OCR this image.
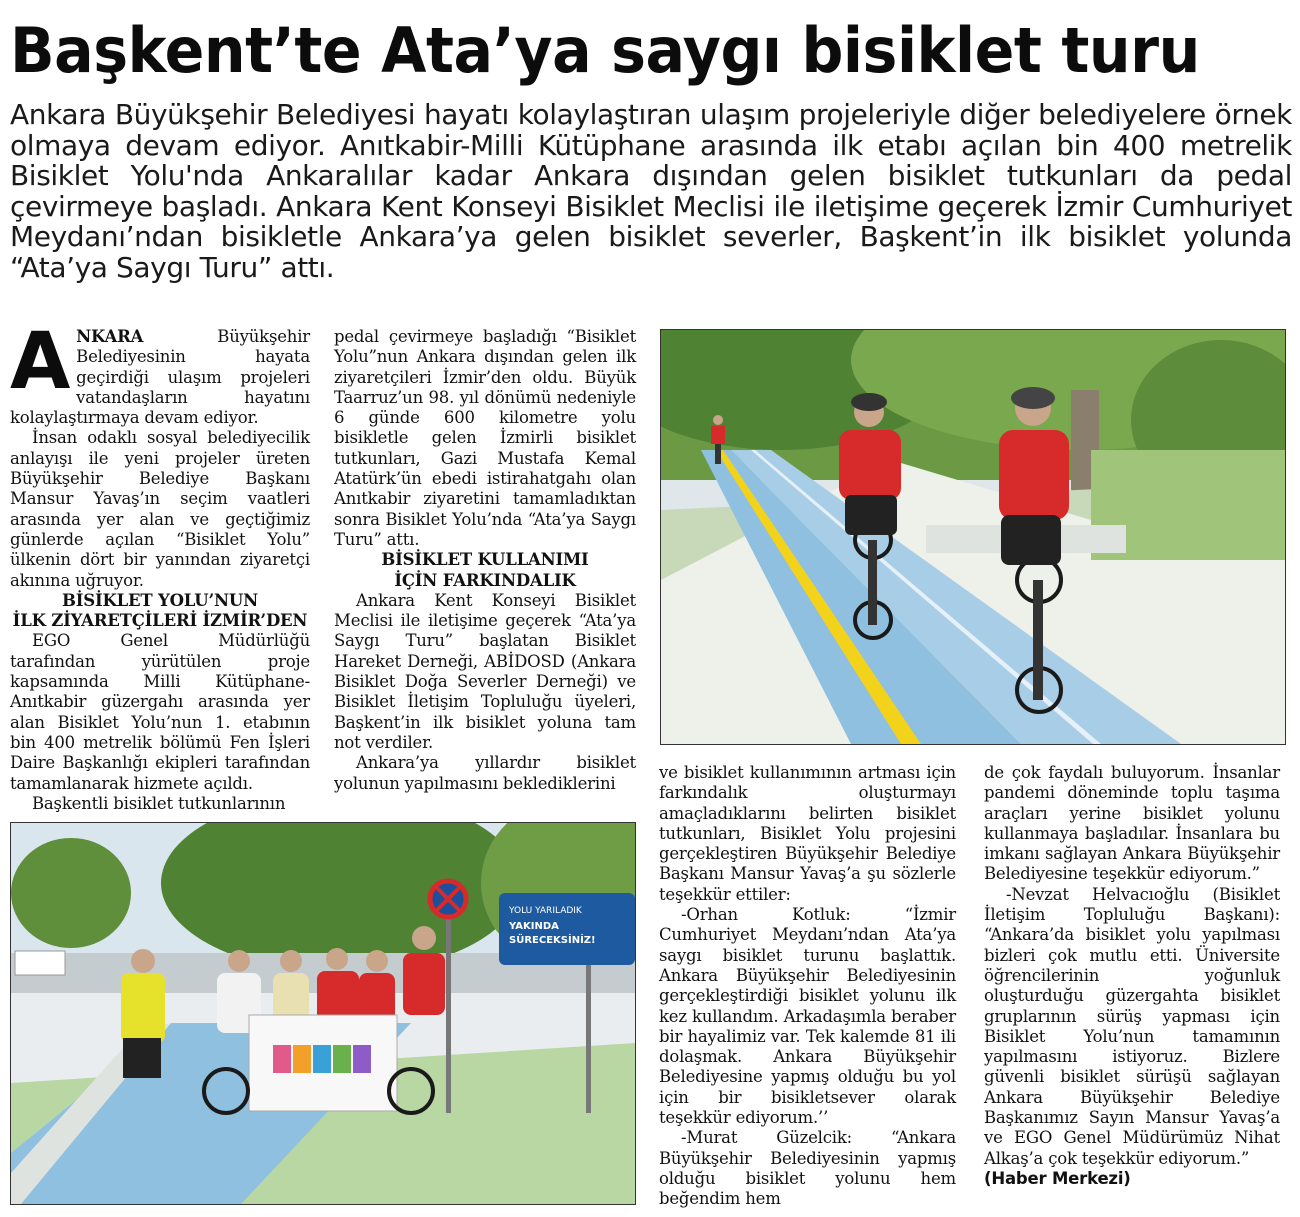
Başkent’te Ata’ya saygı bisiklet turu

Ankara Büyükşehir Belediyesi hayatı kolaylaştıran ulaşım projeleriyle diğer belediyelere örnek olmaya devam ediyor. Anıtkabir-Milli Kütüphane arasında ilk etabı açılan bin 400 metrelik Bisiklet Yolu'nda Ankaralılar kadar Ankara dışından gelen bisiklet tutkunları da pedal çevirmeye başladı. Ankara Kent Konseyi Bisiklet Meclisi ile iletişime geçerek İzmir Cumhuriyet Meydanı’ndan bisikletle Ankara’ya gelen bisiklet severler, Başkent’in ilk bisiklet yolunda “Ata’ya Saygı Turu” attı.

ANKARA	Büyükşehir Belediyesinin hayata geçirdiği ulaşım projeleri vatandaşların hayatını kolaylaştırmaya devam ediyor.

İnsan odaklı sosyal belediyecilik anlayışı ile yeni projeler üreten Büyükşehir Belediye Başkanı Mansur Yavaş’ın seçim vaatleri arasında yer alan ve geçtiğimiz günlerde açılan “Bisiklet Yolu” ülkenin dört bir yanından ziyaretçi akınına uğruyor.

BİSİKLET YOLU’NUN
İLK ZİYARETÇİLERİ İZMİR’DEN

EGO Genel Müdürlüğü tarafından yürütülen proje kapsamında Milli Kütüphane-Anıtkabir güzergahı arasında yer alan Bisiklet Yolu’nun 1. etabının bin 400 metrelik bölümü Fen İşleri Daire Başkanlığı ekipleri tarafından tamamlanarak hizmete açıldı.

Başkentli bisiklet tutkunlarının

pedal çevirmeye başladığı “Bisiklet Yolu”nun Ankara dışından gelen ilk ziyaretçileri İzmir’den oldu. Büyük Taarruz’un 98. yıl dönümü nedeniyle 6 günde 600 kilometre yolu bisikletle gelen İzmirli bisiklet tutkunları, Gazi Mustafa Kemal Atatürk’ün ebedi istirahatgahı olan Anıtkabir ziyaretini tamamladıktan sonra Bisiklet Yolu’nda “Ata’ya Saygı Turu” attı.

BİSİKLET KULLANIMI
İÇİN FARKINDALIK

Ankara Kent Konseyi Bisiklet Meclisi ile iletişime geçerek “Ata’ya Saygı Turu” başlatan Bisiklet Hareket Derneği, ABİDOSD (Ankara Bisiklet Doğa Severler Derneği) ve Bisiklet İletişim Topluluğu üyeleri, Başkent’in ilk bisiklet yoluna tam not verdiler.

Ankara’ya yıllardır bisiklet yolunun yapılmasını beklediklerini

YOLU YARILADIK
YAKINDA
SÜRECEKSİNİZ!

ve bisiklet kullanımının artması için farkındalık oluşturmayı amaçladıklarını belirten bisiklet tutkunları, Bisiklet Yolu projesini gerçekleştiren Büyükşehir Belediye Başkanı Mansur Yavaş’a şu sözlerle teşekkür ettiler:

-Orhan Kotluk: “İzmir Cumhuriyet Meydanı’ndan Ata’ya saygı bisiklet turunu başlattık. Ankara Büyükşehir Belediyesinin gerçekleştirdiği bisiklet yolunu ilk kez kullandım. Arkadaşımla beraber bir hayalimiz var. Tek kalemde 81 ili dolaşmak. Ankara Büyükşehir Belediyesine yapmış olduğu bu yol için bir bisikletsever olarak teşekkür ediyorum.’’

-Murat Güzelcik: “Ankara Büyükşehir Belediyesinin yapmış olduğu bisiklet yolunu hem beğendim hem

de çok faydalı buluyorum. İnsanlar pandemi döneminde toplu taşıma araçları yerine bisiklet yolunu kullanmaya başladılar. İnsanlara bu imkanı sağlayan Ankara Büyükşehir Belediyesine teşekkür ediyorum.”

-Nevzat Helvacıoğlu (Bisiklet İletişim Topluluğu Başkanı): “Ankara’da bisiklet yolu yapılması bizleri çok mutlu etti. Üniversite öğrencilerinin yoğunluk oluşturduğu güzergahta bisiklet gruplarının sürüş yapması için Bisiklet Yolu’nun tamamının yapılmasını istiyoruz. Bizlere güvenli bisiklet sürüşü sağlayan Ankara Büyükşehir Belediye Başkanımız Sayın Mansur Yavaş’a ve EGO Genel Müdürümüz Nihat Alkaş’a çok teşekkür ediyorum.”

(Haber Merkezi)
